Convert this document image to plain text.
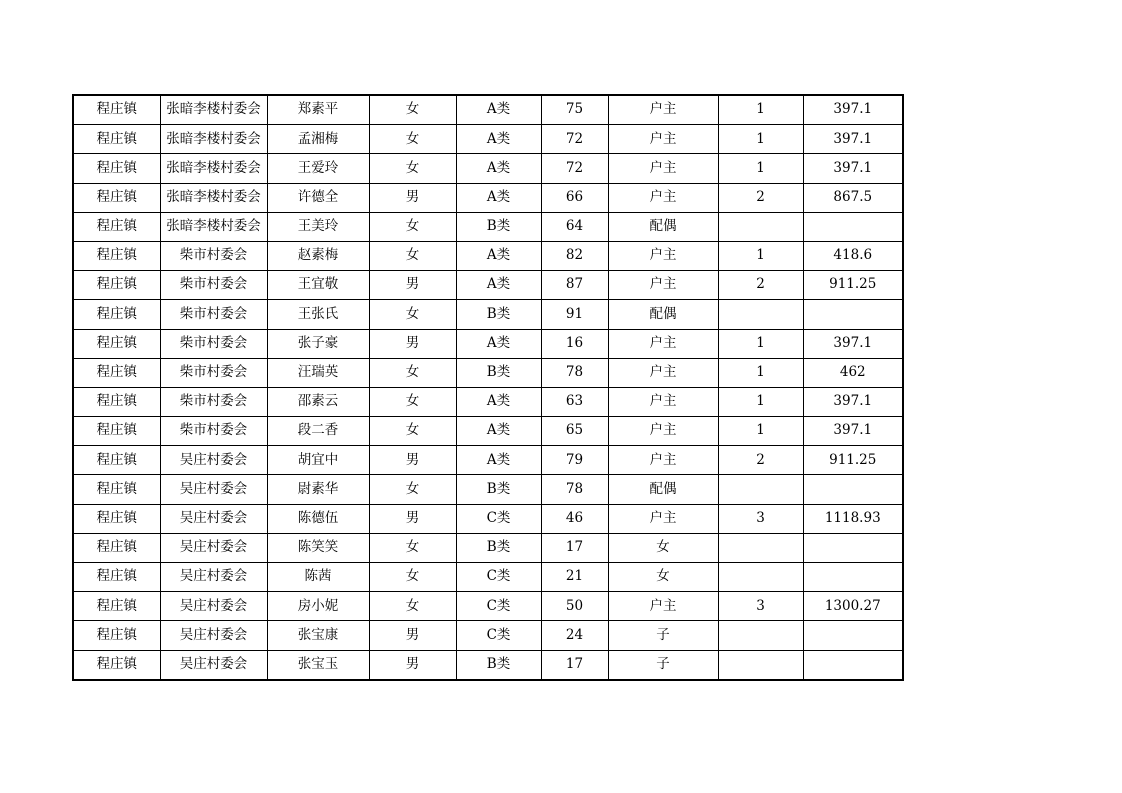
程庄镇	张暗李楼村委会	郑素平	女	A类	75	户主	1	397.1
程庄镇	张暗李楼村委会	孟湘梅	女	A类	72	户主	1	397.1
程庄镇	张暗李楼村委会	王爱玲	女	A类	72	户主	1	397.1
程庄镇	张暗李楼村委会	许德全	男	A类	66	户主	2	867.5
程庄镇	张暗李楼村委会	王美玲	女	B类	64	配偶		
程庄镇	柴市村委会	赵素梅	女	A类	82	户主	1	418.6
程庄镇	柴市村委会	王宜敬	男	A类	87	户主	2	911.25
程庄镇	柴市村委会	王张氏	女	B类	91	配偶		
程庄镇	柴市村委会	张子豪	男	A类	16	户主	1	397.1
程庄镇	柴市村委会	汪瑞英	女	B类	78	户主	1	462
程庄镇	柴市村委会	邵素云	女	A类	63	户主	1	397.1
程庄镇	柴市村委会	段二香	女	A类	65	户主	1	397.1
程庄镇	吴庄村委会	胡宜中	男	A类	79	户主	2	911.25
程庄镇	吴庄村委会	尉素华	女	B类	78	配偶		
程庄镇	吴庄村委会	陈德伍	男	C类	46	户主	3	1118.93
程庄镇	吴庄村委会	陈笑笑	女	B类	17	女		
程庄镇	吴庄村委会	陈茜	女	C类	21	女		
程庄镇	吴庄村委会	房小妮	女	C类	50	户主	3	1300.27
程庄镇	吴庄村委会	张宝康	男	C类	24	子		
程庄镇	吴庄村委会	张宝玉	男	B类	17	子		
